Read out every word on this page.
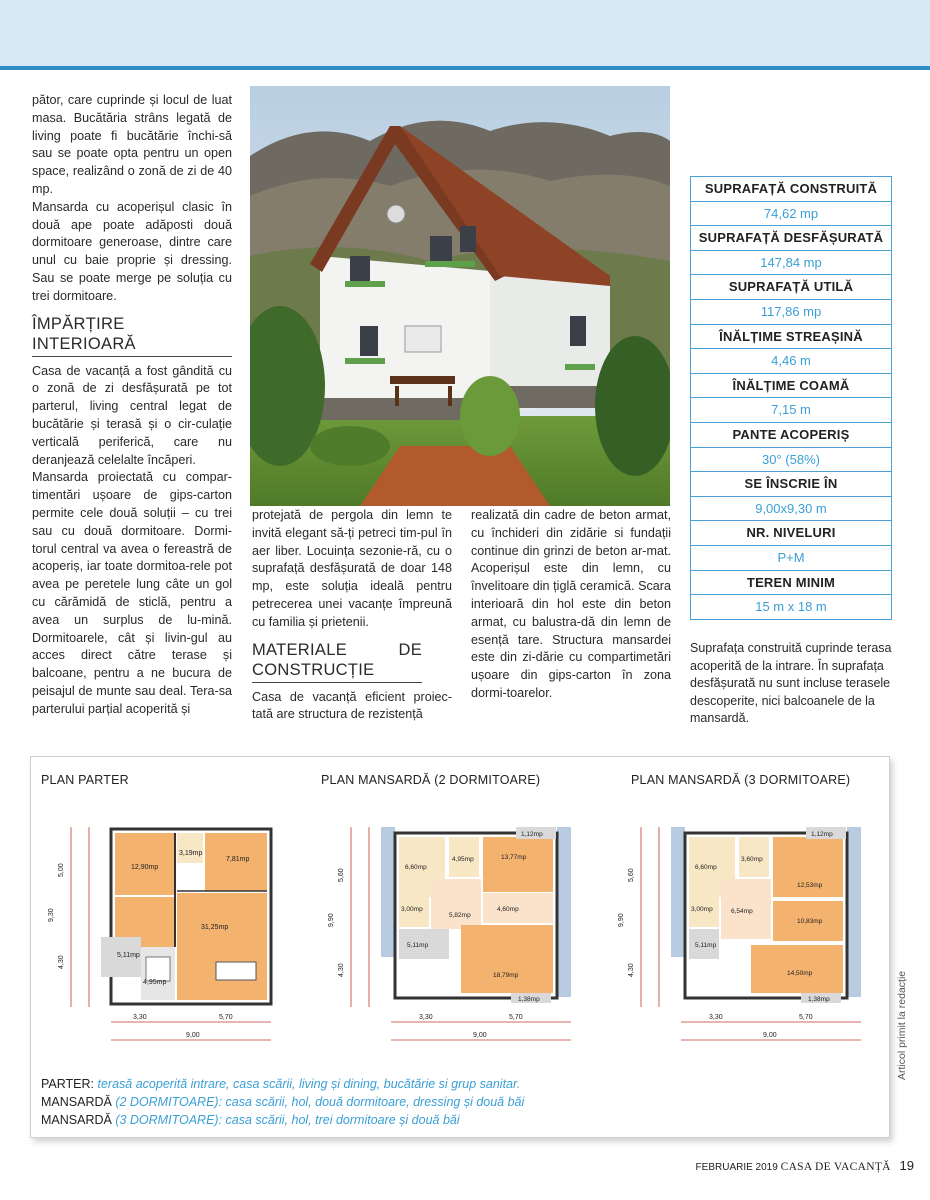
pător, care cuprinde și locul de luat masa. Bucătăria strâns legată de living poate fi bucătărie închi-să sau se poate opta pentru un open space, realizând o zonă de zi de 40 mp.

Mansarda cu acoperișul clasic în două ape poate adăposti două dormitoare generoase, dintre care unul cu baie proprie și dressing. Sau se poate merge pe soluția cu trei dormitoare.

ÎMPĂRȚIRE INTERIOARĂ

Casa de vacanță a fost gândită cu o zonă de zi desfășurată pe tot parterul, living central legat de bucătărie și terasă și o cir-culație verticală periferică, care nu deranjează celelalte încăperi.

Mansarda proiectată cu compar-timentări ușoare de gips-carton permite cele două soluții – cu trei sau cu două dormitoare. Dormi-torul central va avea o fereastră de acoperiș, iar toate dormitoa-rele pot avea pe peretele lung câte un gol cu cărămidă de sticlă, pentru a avea un surplus de lu-mină. Dormitoarele, cât și livin-gul au acces direct către terase și balcoane, pentru a ne bucura de peisajul de munte sau deal. Tera-sa parterului parțial acoperită și

SUPRAFAȚĂ CONSTRUITĂ
74,62 mp
SUPRAFAȚĂ DESFĂȘURATĂ
147,84 mp
SUPRAFAȚĂ UTILĂ
117,86 mp
ÎNĂLȚIME STREAȘINĂ
4,46 m
ÎNĂLȚIME COAMĂ
7,15 m
PANTE ACOPERIȘ
30° (58%)
SE ÎNSCRIE ÎN
9,00x9,30 m
NR. NIVELURI
P+M
TEREN MINIM
15 m x 18 m

protejată de pergola din lemn te invită elegant să-ți petreci tim-pul în aer liber. Locuința sezonie-ră, cu o suprafață desfășurată de doar 148 mp, este soluția ideală pentru petrecerea unei vacanțe împreună cu familia și prietenii.

MATERIALE DE CONSTRUCȚIE

Casa de vacanță eficient proiec-tată are structura de rezistență

realizată din cadre de beton armat, cu închideri din zidărie si fundații continue din grinzi de beton ar-mat. Acoperișul este din lemn, cu învelitoare din țiglă ceramică. Scara interioară din hol este din beton armat, cu balustra-dă din lemn de esență tare. Structura mansardei este din zi-dărie cu compartimetări ușoare din gips-carton în zona dormi-toarelor.

Suprafața construită cuprinde terasa acoperită de la intrare. În suprafața desfășurată nu sunt incluse terasele descoperite, nici balcoanele de la mansardă.
PLAN PARTER	PLAN MANSARDĂ (2 DORMITOARE)	PLAN MANSARDĂ (3 DORMITOARE)
12,90mp
3,19mp
7,81mp
31,25mp
5,11mp
4,95mp
5,00
4,30
9,30
3,30	5,70
9,00
1,12mp
4,95mp	13,77mp
6,60mp
3,00mp
5,82mp
4,60mp
5,11mp
18,79mp
1,38mp
5,60
4,30
9,90
3,30	5,70
9,00
1,12mp
3,60mp
6,60mp
12,53mp
3,00mp	6,54mp
10,83mp
5,11mp
14,50mp
1,38mp
5,60
4,30
9,90
3,30	5,70
9,00
PARTER: terasă acoperită intrare, casa scării, living și dining, bucătărie si grup sanitar.
MANSARDĂ (2 DORMITOARE): casa scării, hol, două dormitoare, dressing și două băi
MANSARDĂ (3 DORMITOARE): casa scării, hol, trei dormitoare și două băi
Articol primit la redacție
FEBRUARIE 2019 CASA DE VACANȚĂ 19
